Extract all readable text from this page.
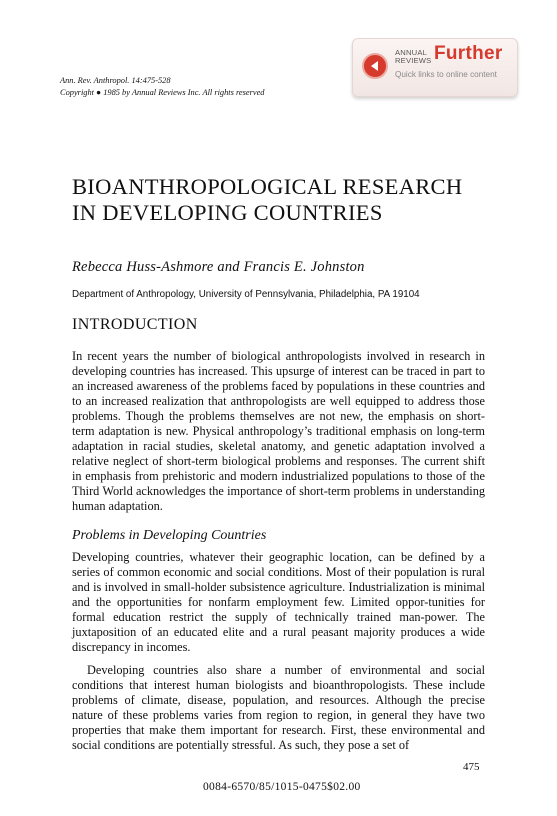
Ann. Rev. Anthropol. 14:475-528
Copyright ● 1985 by Annual Reviews Inc. All rights reserved
ANNUAL
REVIEWS Further
Quick links to online content
BIOANTHROPOLOGICAL RESEARCH
IN DEVELOPING COUNTRIES
Rebecca Huss-Ashmore and Francis E. Johnston
Department of Anthropology, University of Pennsylvania, Philadelphia, PA 19104
INTRODUCTION
In recent years the number of biological anthropologists involved in research in developing countries has increased. This upsurge of interest can be traced in part to an increased awareness of the problems faced by populations in these countries and to an increased realization that anthropologists are well equipped to address those problems. Though the problems themselves are not new, the emphasis on short-term adaptation is new. Physical anthropology’s traditional emphasis on long-term adaptation in racial studies, skeletal anatomy, and genetic adaptation involved a relative neglect of short-term biological problems and responses. The current shift in emphasis from prehistoric and modern industrialized populations to those of the Third World acknowledges the importance of short-term problems in understanding human adaptation.
Problems in Developing Countries
Developing countries, whatever their geographic location, can be defined by a series of common economic and social conditions. Most of their population is rural and is involved in small-holder subsistence agriculture. Industrialization is minimal and the opportunities for nonfarm employment few. Limited oppor-tunities for formal education restrict the supply of technically trained man-power. The juxtaposition of an educated elite and a rural peasant majority produces a wide discrepancy in incomes.
Developing countries also share a number of environmental and social conditions that interest human biologists and bioanthropologists. These include problems of climate, disease, population, and resources. Although the precise nature of these problems varies from region to region, in general they have two properties that make them important for research. First, these environmental and social conditions are potentially stressful. As such, they pose a set of
475
0084-6570/85/1015-0475$02.00
